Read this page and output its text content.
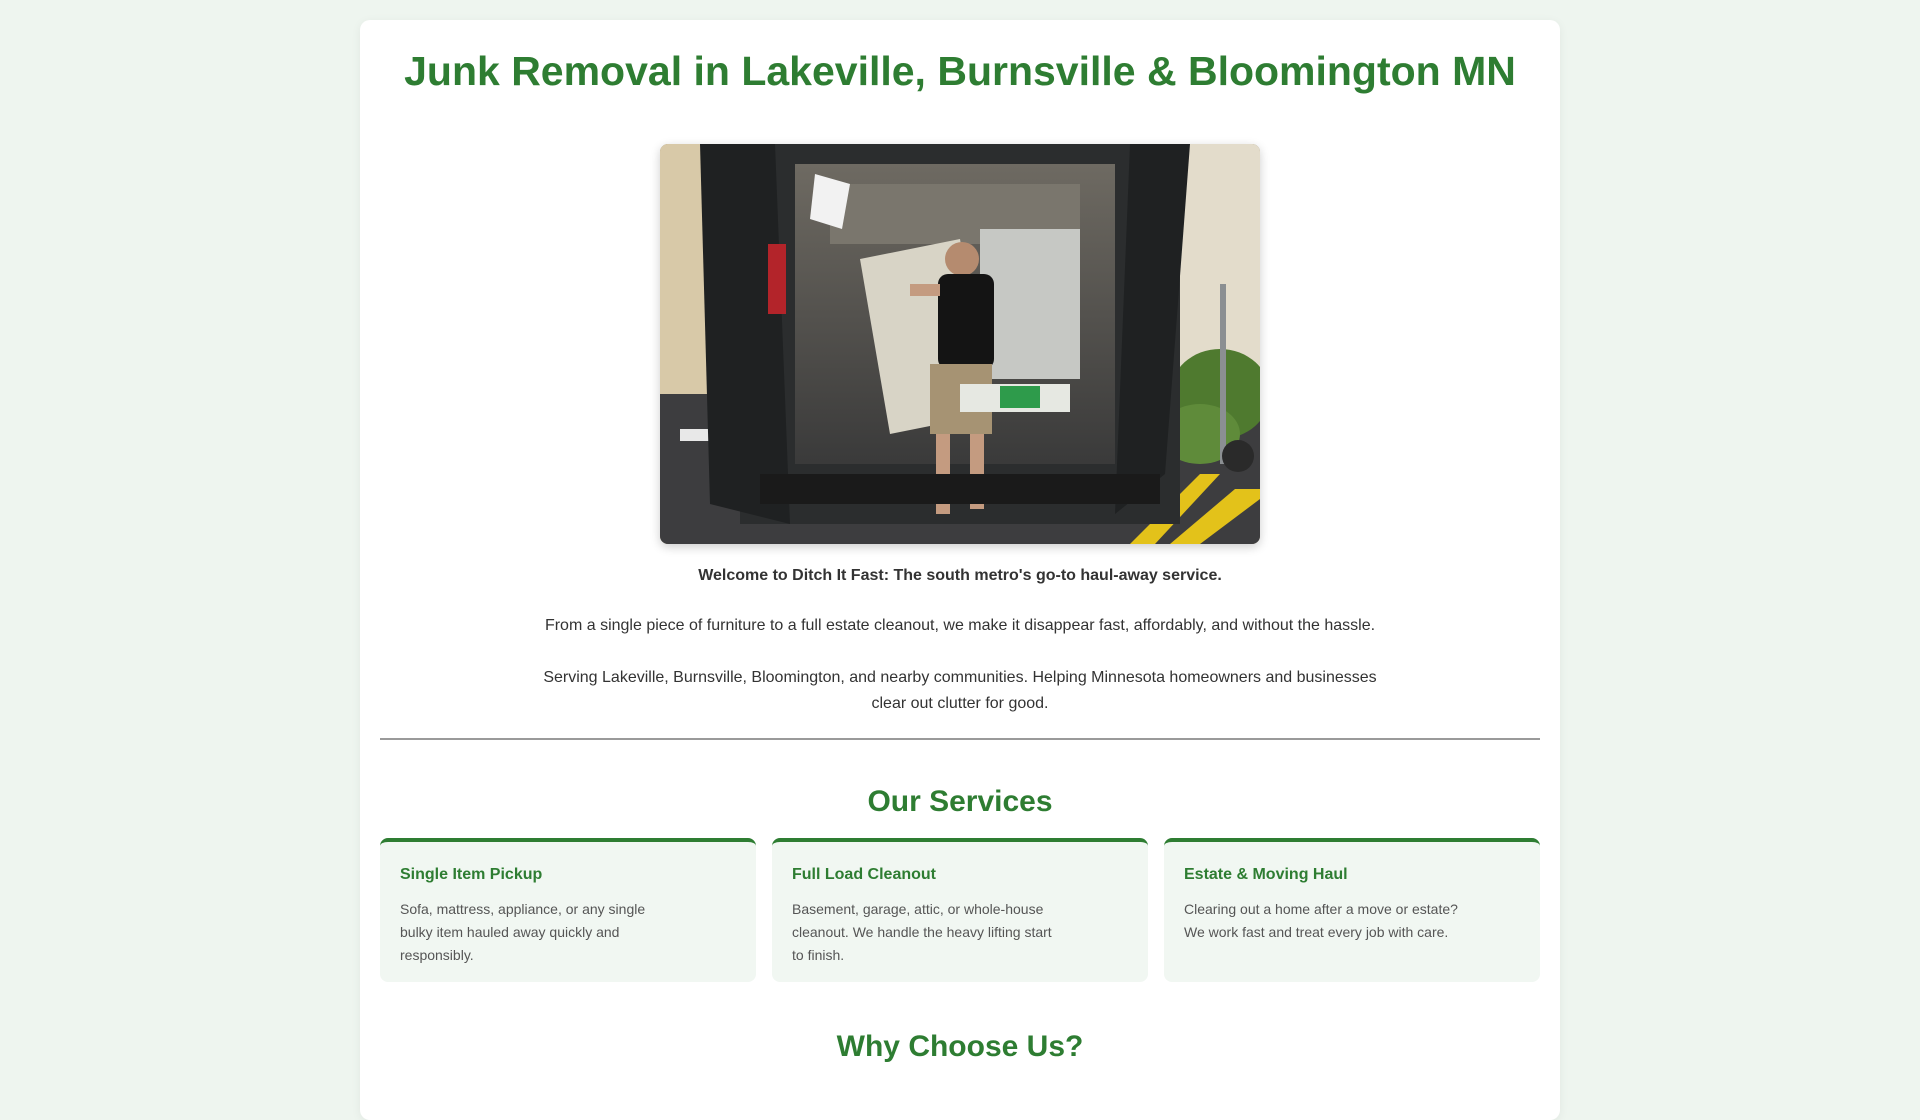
Junk Removal in Lakeville, Burnsville & Bloomington MN

Welcome to Ditch It Fast: The south metro's go-to haul-away service.

From a single piece of furniture to a full estate cleanout, we make it disappear fast, affordably, and without the hassle.

Serving Lakeville, Burnsville, Bloomington, and nearby communities. Helping Minnesota homeowners and businesses clear out clutter for good.

Our Services
Single Item Pickup

Sofa, mattress, appliance, or any single bulky item hauled away quickly and responsibly.

Full Load Cleanout

Basement, garage, attic, or whole-house cleanout. We handle the heavy lifting start to finish.

Estate & Moving Haul

Clearing out a home after a move or estate? We work fast and treat every job with care.

Why Choose Us?
